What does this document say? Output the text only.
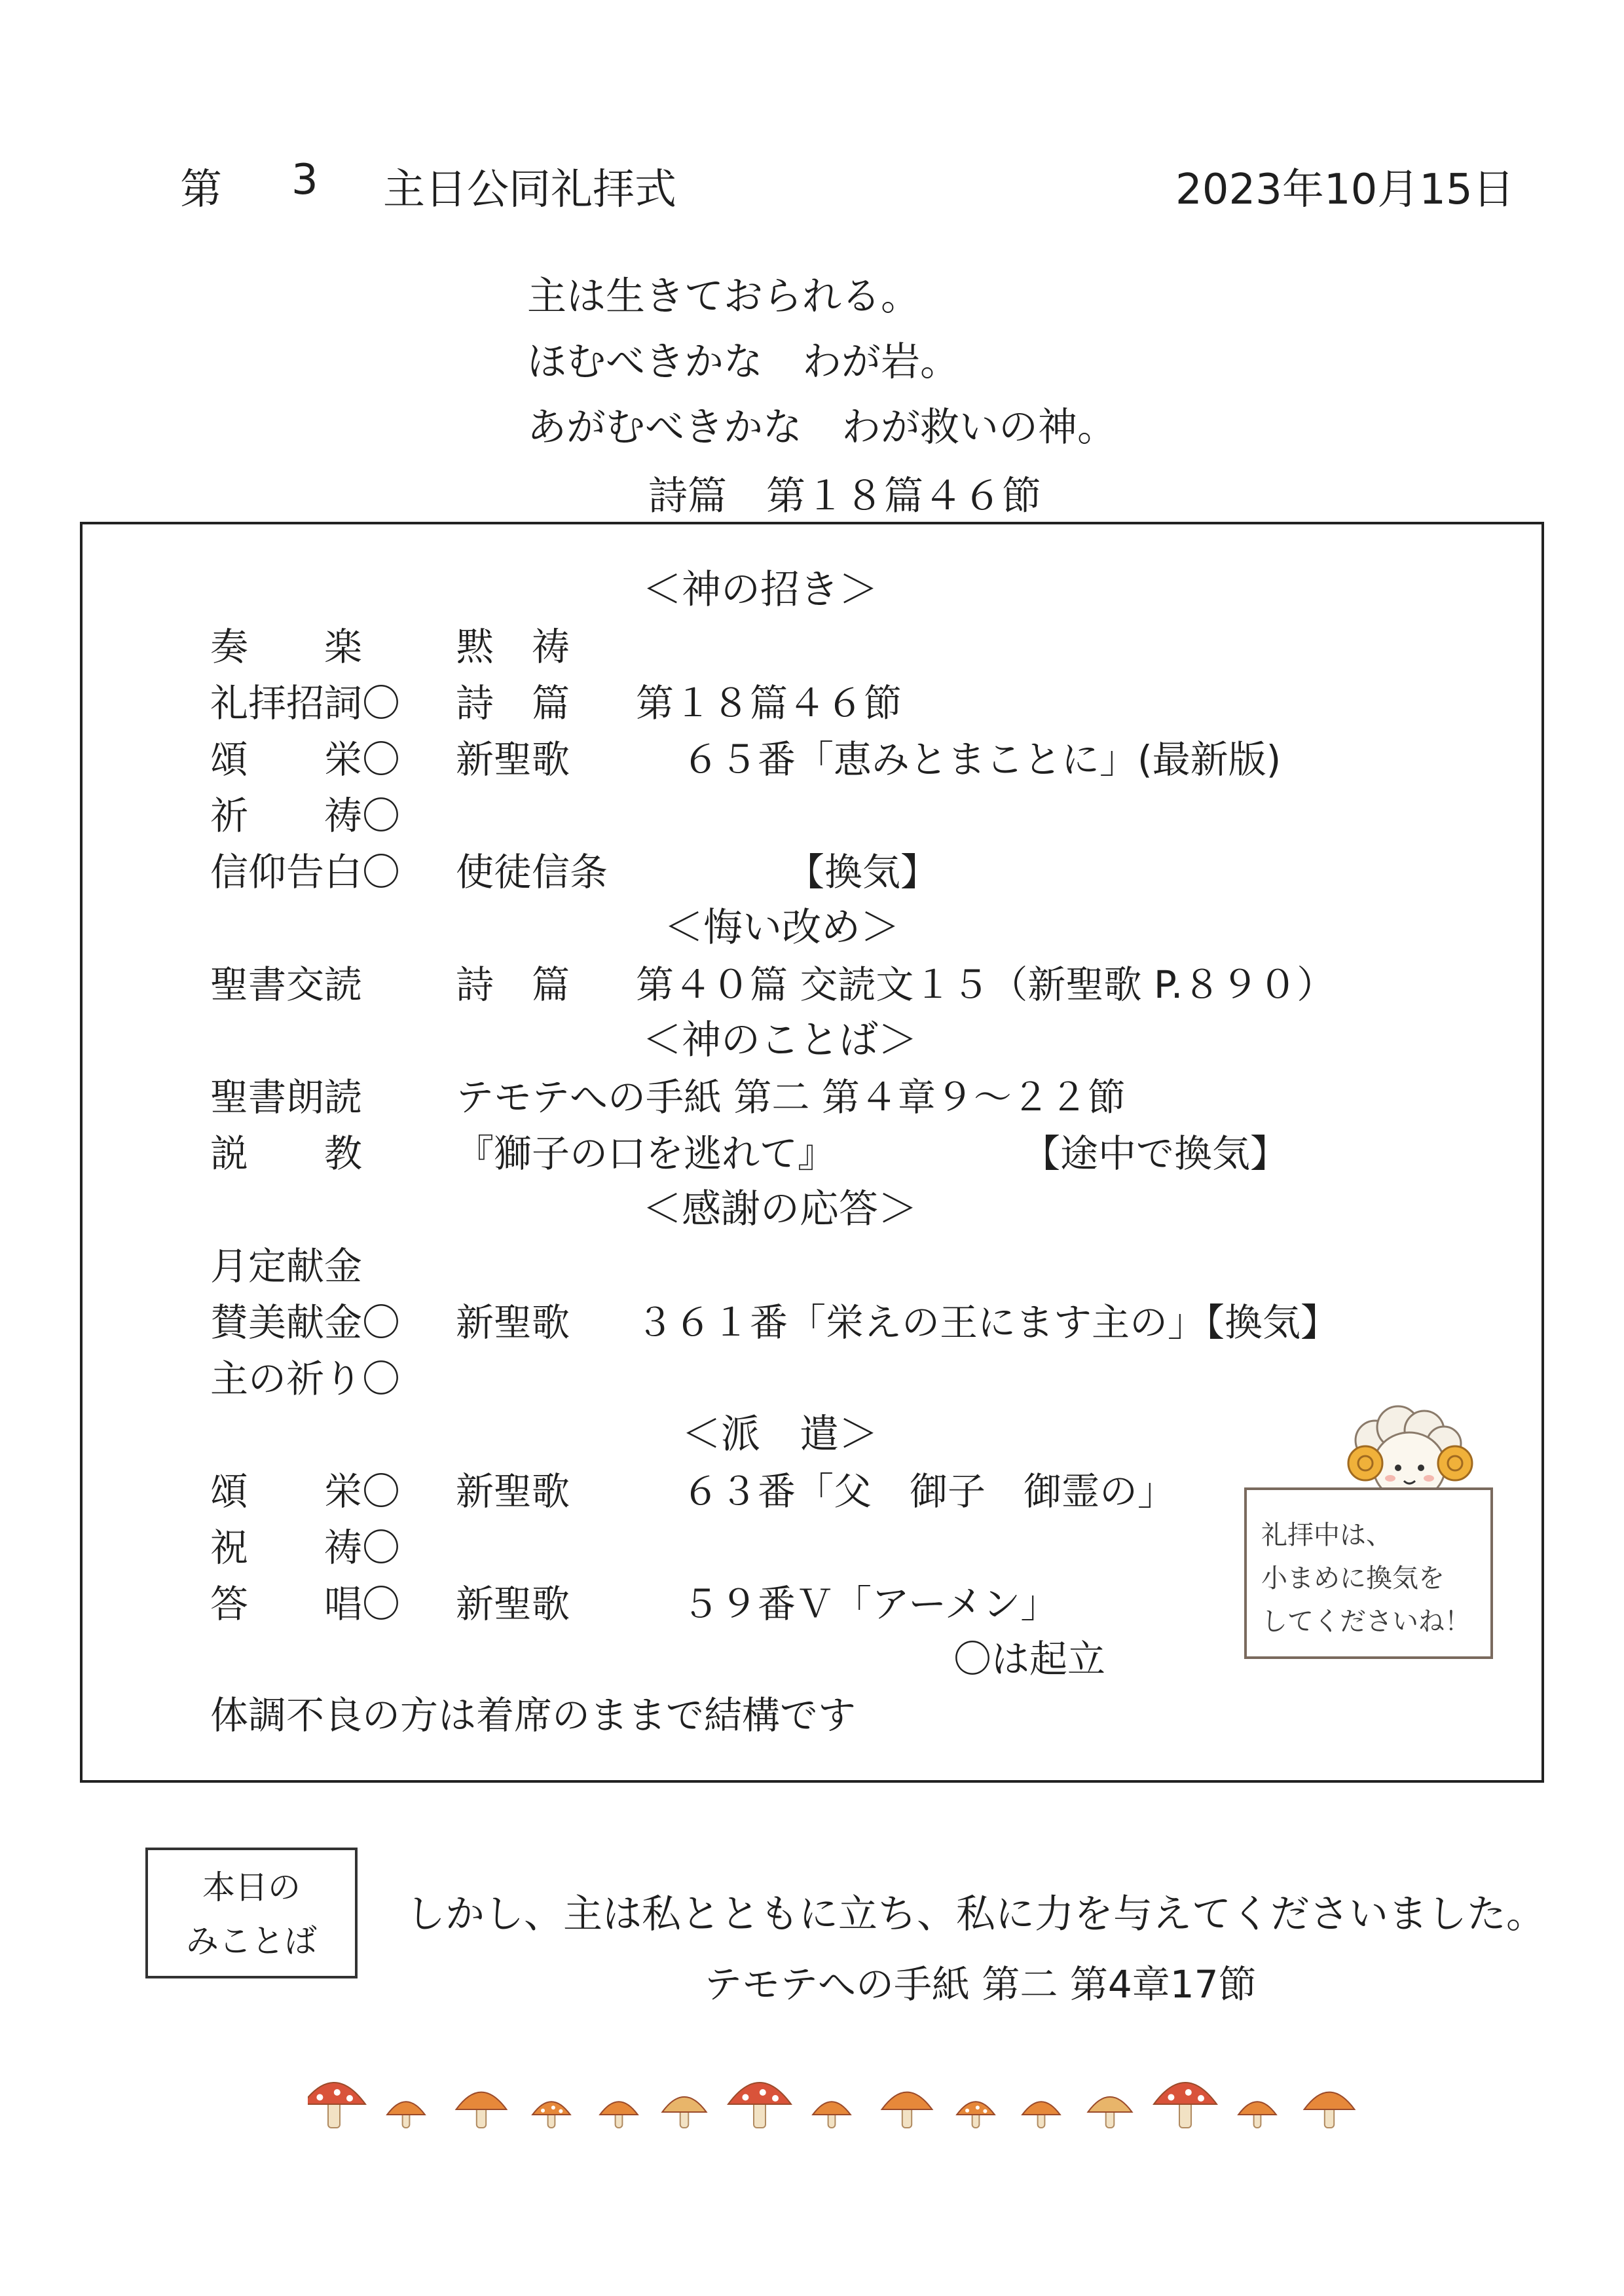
第 3 主日公同礼拝式	2023年10月15日
主は生きておられる。
ほむべきかな　わが岩。
あがむべきかな　わが救いの神。
詩篇　第１８篇４６節
＜神の招き＞
奏　　楽 黙　祷
礼拝招詞〇 詩　篇 第１８篇４６節
頌　　栄〇 新聖歌	６５番「恵みとまことに」(最新版)
祈　　祷〇
信仰告白〇 使徒信条	【換気】
＜悔い改め＞
聖書交読 詩　篇 第４０篇 交読文１５（新聖歌 P.８９０）
＜神のことば＞
聖書朗読 テモテへの手紙 第二 第４章９～２２節
説　　教 『獅子の口を逃れて』	【途中で換気】
＜感謝の応答＞
月定献金
賛美献金〇 新聖歌 ３６１番「栄えの王にます主の」【換気】
主の祈り〇
＜派　遣＞
頌　　栄〇 新聖歌	６３番「父　御子　御霊の」
祝　　祷〇
答　　唱〇 新聖歌	５９番Ｖ「アーメン」
〇は起立
体調不良の方は着席のままで結構です
礼拝中は、
小まめに換気を
してくださいね！
本日の
みことば
しかし、主は私とともに立ち、私に力を与えてくださいました。
テモテへの手紙 第二 第4章17節
